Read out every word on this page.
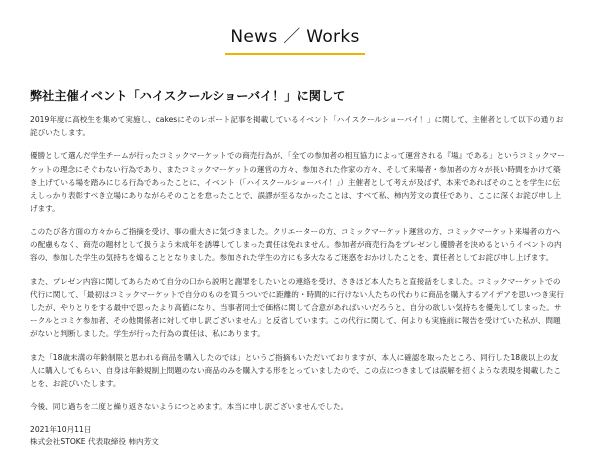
News ／ Works
弊社主催イベント「ハイスクールショーバイ！」に関して

2019年度に高校生を集めて実施し、cakesにそのレポート記事を掲載しているイベント「ハイスクールショーバイ！」に関して、主催者として以下の通りお詫びいたします。

優勝として選んだ学生チームが行ったコミックマーケットでの商売行為が、「全ての参加者の相互協力によって運営される『場』である」というコミックマーケットの理念にそぐわない行為であり、またコミックマーケットの運営の方々、参加された作家の方々、そして来場者・参加者の方々が長い時間をかけて築き上げている場を踏みにじる行為であったことに、イベント（「ハイスクールショーバイ！」）主催者として考えが及ばず、本来であればそのことを学生に伝えしっかり表彰すべき立場にありながらそのことを怠ったことで、誤謬が至るなかったことは、すべて私、柿内芳文の責任であり、ここに深くお詫び申し上げます。

このたび各方面の方々からご指摘を受け、事の重大さに気づきました。クリエーターの方、コミックマーケット運営の方、コミックマーケット来場者の方への配慮もなく、商売の題材として扱うよう未成年を誘導してしまった責任は免れません。参加者が商売行為をプレゼンし優勝者を決めるというイベントの内容の、参加した学生の気持ちを煽ることとなりました。参加された学生の方にも多大なるご迷惑をおかけしたことを、責任者としてお詫び申し上げます。

また、プレゼン内容に関してあらためて自分の口から説明と謝罪をしたいとの連絡を受け、さきほど本人たちと直接話をしました。コミックマーケットでの代行に関して、「最初はコミックマーケットで自分のものを買うついでに距離的・時間的に行けない人たちの代わりに商品を購入するアイデアを思いつき実行したが、やりとりをする最中で思ったより高値になり、当事者同士で価格に関して合意があればいいだろうと、自分の欲しい気持ちを優先してしまった。サークルとコミケ参加者、その他関係者に対して申し訳ございません」と反省しています。この代行に関して、何よりも実施前に報告を受けていた私が、問題がないと判断しました。学生が行った行為の責任は、私にあります。

また「18歳未満の年齢制限と思われる商品を購入したのでは」というご指摘もいただいておりますが、本人に確認を取ったところ、同行した18歳以上の友人に購入してもらい、自身は年齢規制上問題のない商品のみを購入する形をとっていましたので、この点につきましては誤解を招くような表現を掲載したことを、お詫びいたします。

今後、同じ過ちを二度と繰り返さないようにつとめます。本当に申し訳ございませんでした。

2021年10月11日
株式会社STOKE 代表取締役 柿内芳文
